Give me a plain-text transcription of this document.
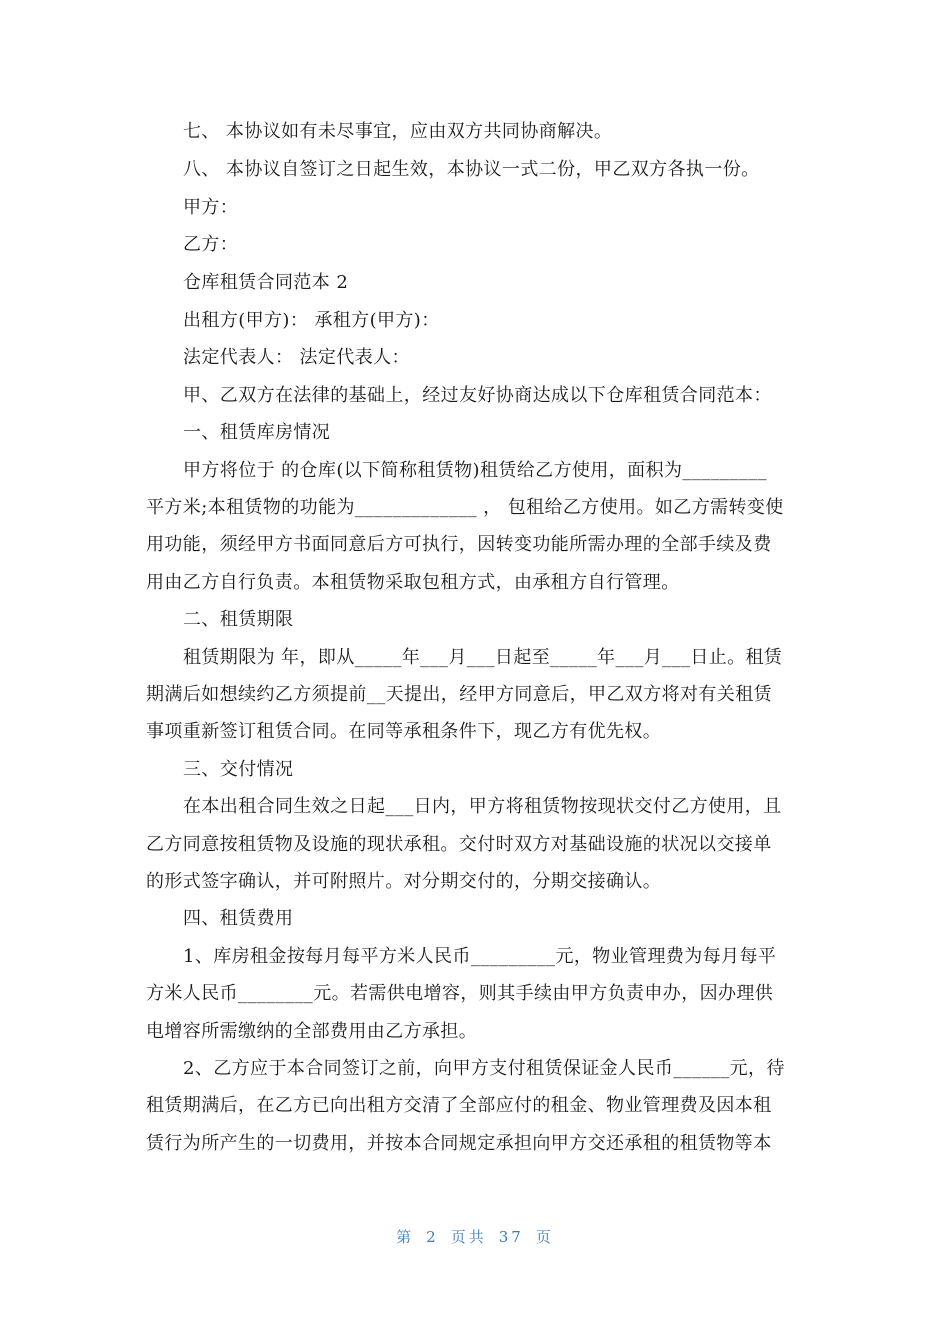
七、 本协议如有未尽事宜，应由双方共同协商解决。
八、 本协议自签订之日起生效，本协议一式二份，甲乙双方各执一份。
甲方：
乙方：
仓库租赁合同范本 2
出租方(甲方)： 承租方(甲方)：
法定代表人： 法定代表人：
甲、乙双方在法律的基础上，经过友好协商达成以下仓库租赁合同范本：
一、租赁库房情况
甲方将位于 的仓库(以下简称租赁物)租赁给乙方使用，面积为_________
平方米;本租赁物的功能为_____________ ， 包租给乙方使用。如乙方需转变使
用功能，须经甲方书面同意后方可执行，因转变功能所需办理的全部手续及费
用由乙方自行负责。本租赁物采取包租方式，由承租方自行管理。
二、租赁期限
租赁期限为 年，即从_____年___月___日起至_____年___月___日止。租赁
期满后如想续约乙方须提前__天提出，经甲方同意后，甲乙双方将对有关租赁
事项重新签订租赁合同。在同等承租条件下，现乙方有优先权。
三、交付情况
在本出租合同生效之日起___日内，甲方将租赁物按现状交付乙方使用，且
乙方同意按租赁物及设施的现状承租。交付时双方对基础设施的状况以交接单
的形式签字确认，并可附照片。对分期交付的，分期交接确认。
四、租赁费用
1、库房租金按每月每平方米人民币_________元，物业管理费为每月每平
方米人民币________元。若需供电增容，则其手续由甲方负责申办，因办理供
电增容所需缴纳的全部费用由乙方承担。
2、乙方应于本合同签订之前，向甲方支付租赁保证金人民币______元，待
租赁期满后，在乙方已向出租方交清了全部应付的租金、物业管理费及因本租
赁行为所产生的一切费用，并按本合同规定承担向甲方交还承租的租赁物等本
第 2 页共 37 页
